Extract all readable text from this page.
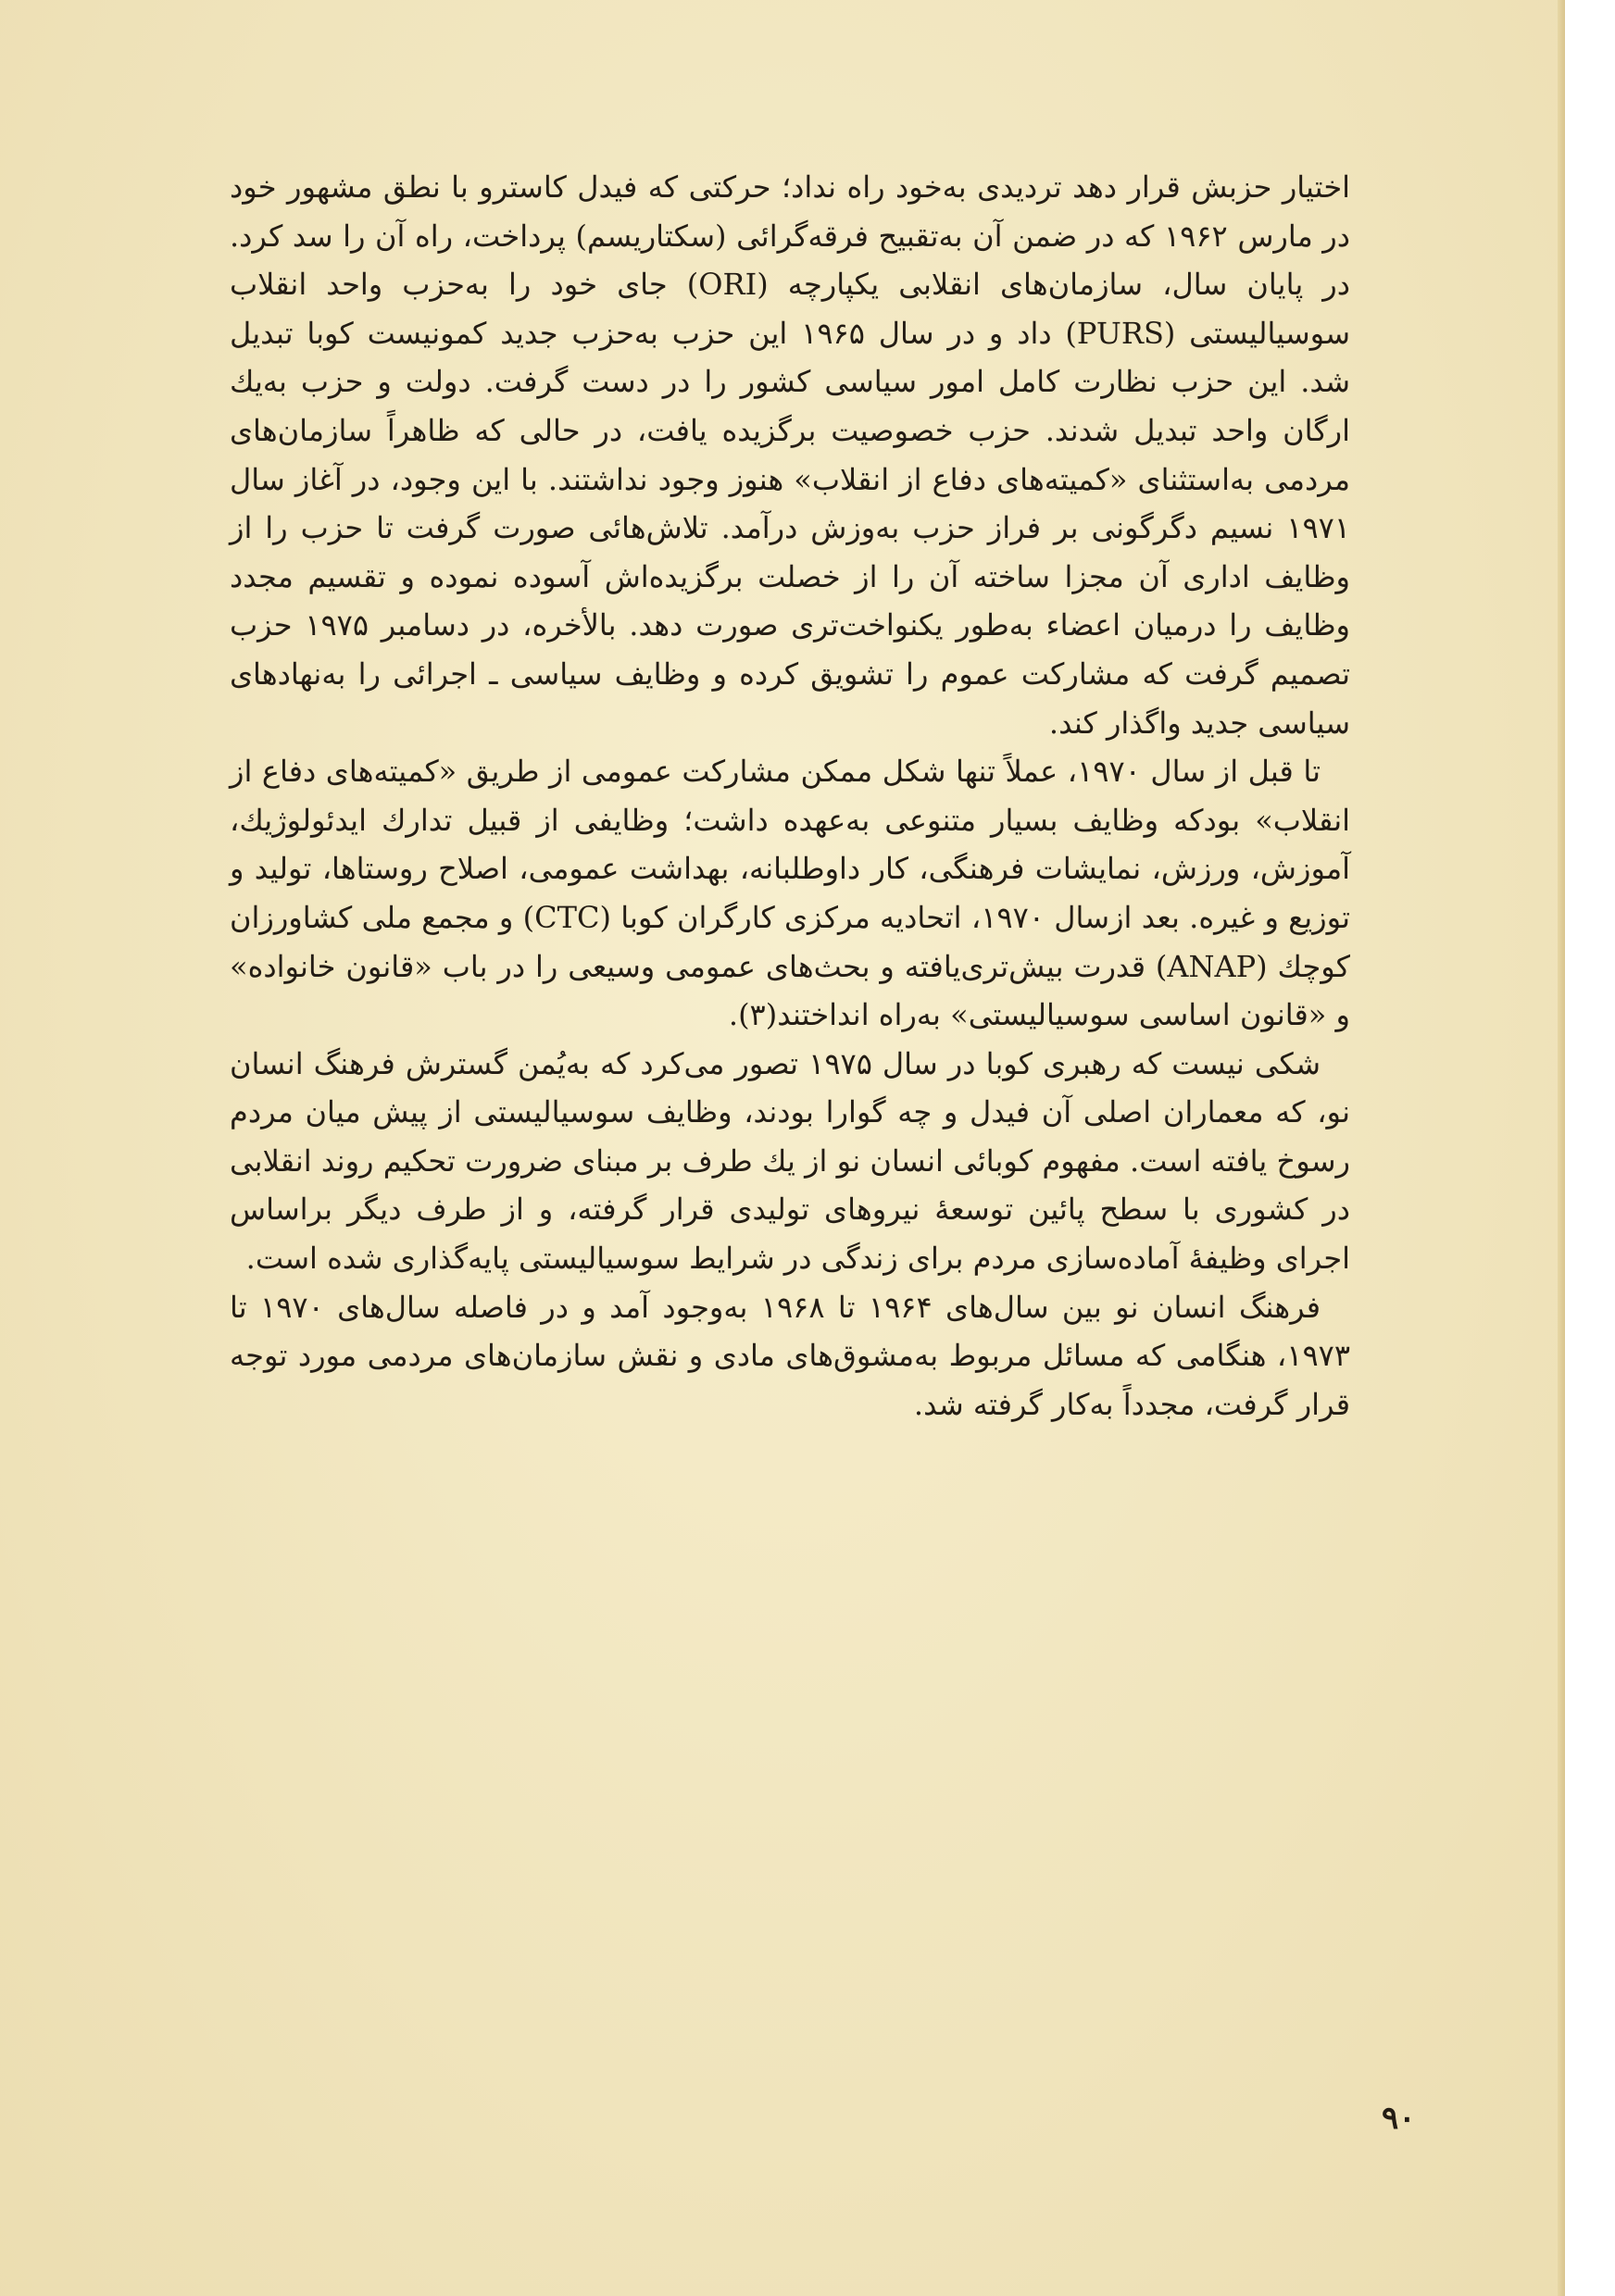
اختیار حزبش قرار دهد تردیدی به‌خود راه نداد؛ حرکتی که فیدل کاسترو با نطق مشهور خود در مارس ۱۹۶۲ که در ضمن آن به‌تقبیح فرقه‌گرائی (سکتاریسم) پرداخت، راه آن را سد کرد. در پایان سال، سازمان‌های انقلابی یکپارچه (ORI) جای خود را به‌حزب واحد انقلاب سوسیالیستی (PURS) داد و در سال ۱۹۶۵ این حزب به‌حزب جدید کمونیست کوبا تبدیل شد. این حزب نظارت کامل امور سیاسی کشور را در دست گرفت. دولت و حزب به‌یك ارگان واحد تبدیل شدند. حزب خصوصیت برگزیده یافت، در حالی که ظاهراً سازمان‌های مردمی به‌استثنای «کمیته‌های دفاع از انقلاب» هنوز وجود نداشتند. با این وجود، در آغاز سال ۱۹۷۱ نسیم دگرگونی بر فراز حزب به‌وزش درآمد. تلاش‌هائی صورت گرفت تا حزب را از وظایف اداری آن مجزا ساخته آن را از خصلت برگزیده‌اش آسوده نموده و تقسیم مجدد وظایف را درمیان اعضاء به‌طور یکنواخت‌تری صورت دهد. بالأخره، در دسامبر ۱۹۷۵ حزب تصمیم گرفت که مشارکت عموم را تشویق کرده و وظایف سیاسی ـ اجرائی را به‌نهادهای سیاسی جدید واگذار کند.

تا قبل از سال ۱۹۷۰، عملاً تنها شکل ممکن مشارکت عمومی از طریق «کمیته‌های دفاع از انقلاب» بودکه وظایف بسیار متنوعی به‌عهده داشت؛ وظایفی از قبیل تدارك ایدئولوژیك، آموزش، ورزش، نمایشات فرهنگی، کار داوطلبانه، بهداشت عمومی، اصلاح روستاها، تولید و توزیع و غیره. بعد ازسال ۱۹۷۰، اتحادیه مرکزی کارگران کوبا (CTC) و مجمع ملی کشاورزان کوچك (ANAP) قدرت بیش‌تری‌یافته و بحث‌های عمومی وسیعی را در باب «قانون خانواده» و «قانون اساسی سوسیالیستی» به‌راه انداختند(۳).

شکی نیست که رهبری کوبا در سال ۱۹۷۵ تصور می‌کرد که به‌یُمن گسترش فرهنگ انسان نو، که معماران اصلی آن فیدل و چه گوارا بودند، وظایف سوسیالیستی از پیش میان مردم رسوخ یافته است. مفهوم کوبائی انسان نو از یك طرف بر مبنای ضرورت تحکیم روند انقلابی در کشوری با سطح پائین توسعهٔ نیروهای تولیدی قرار گرفته، و از طرف دیگر براساس اجرای وظیفهٔ آماده‌سازی مردم برای زندگی در شرایط سوسیالیستی پایه‌گذاری شده است.

فرهنگ انسان نو بین سال‌های ۱۹۶۴ تا ۱۹۶۸ به‌وجود آمد و در فاصله سال‌های ۱۹۷۰ تا ۱۹۷۳، هنگامی که مسائل مربوط به‌مشوق‌های مادی و نقش سازمان‌های مردمی مورد توجه قرار گرفت، مجدداً به‌کار گرفته شد.

۹۰
